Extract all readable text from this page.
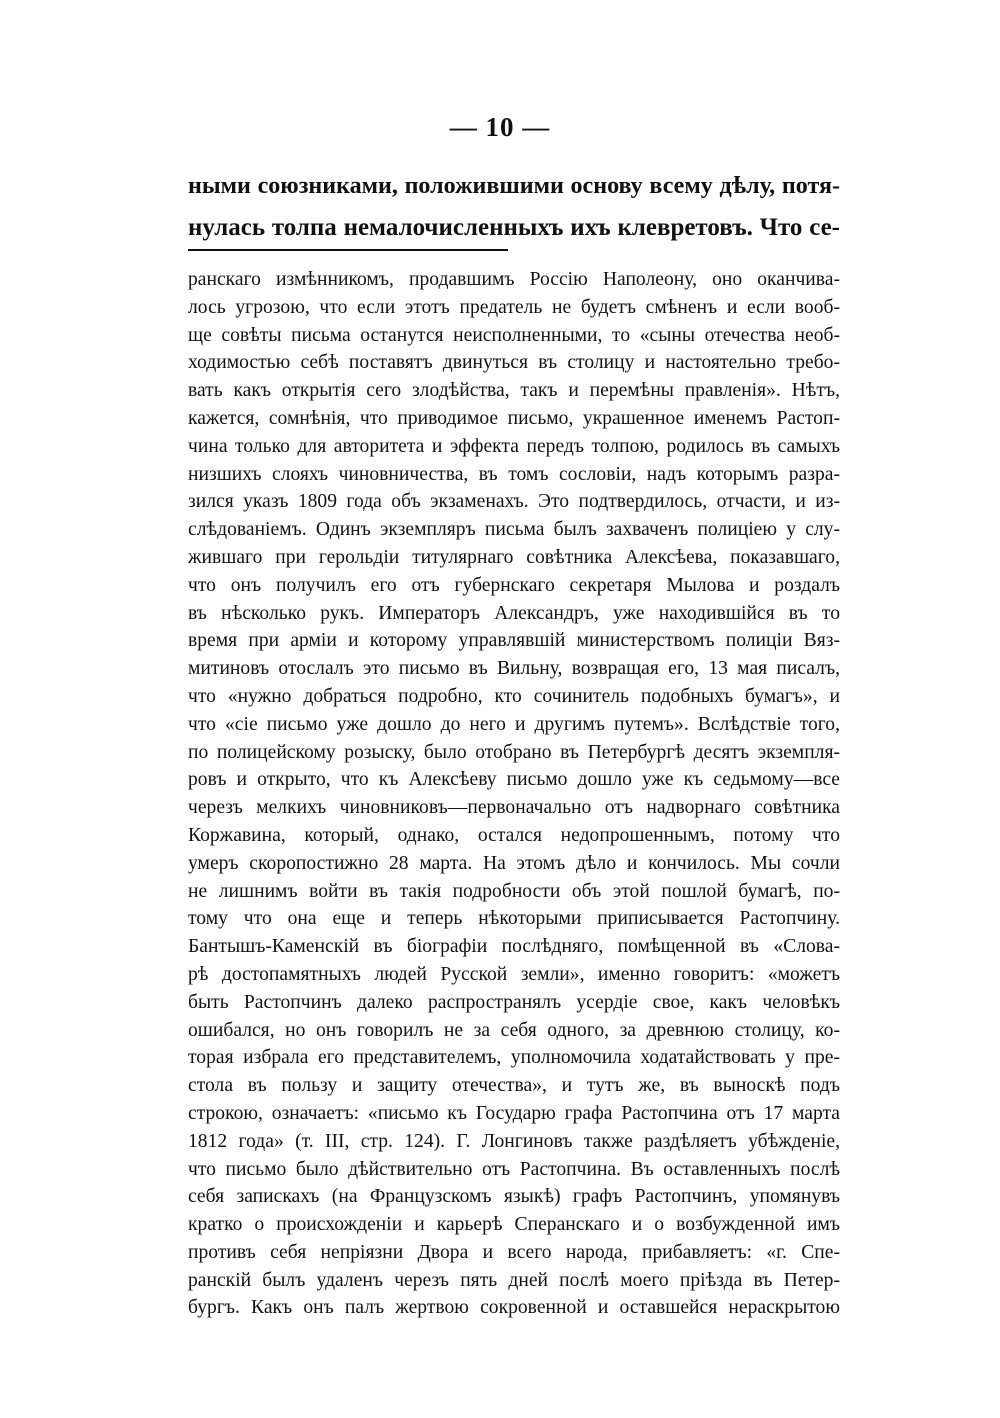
— 10 —
ными союзниками, положившими основу всему дѣлу, потя-
нулась толпа немалочисленныхъ ихъ клевретовъ. Что се-
ранскаго измѣнникомъ, продавшимъ Россію Наполеону, оно оканчива-
лось угрозою, что если этотъ предатель не будетъ смѣненъ и если вооб-
ще совѣты письма останутся неисполненными, то «сыны отечества необ-
ходимостью себѣ поставятъ двинуться въ столицу и настоятельно требо-
вать какъ открытія сего злодѣйства, такъ и перемѣны правленія». Нѣтъ,
кажется, сомнѣнія, что приводимое письмо, украшенное именемъ Растоп-
чина только для авторитета и эффекта передъ толпою, родилось въ самыхъ
низшихъ слояхъ чиновничества, въ томъ сословіи, надъ которымъ разра-
зился указъ 1809 года объ экзаменахъ. Это подтвердилось, отчасти, и из-
слѣдованіемъ. Одинъ экземпляръ письма былъ захваченъ полиціею у слу-
жившаго при герольдіи титулярнаго совѣтника Алексѣева, показавшаго,
что онъ получилъ его отъ губернскаго секретаря Мылова и роздалъ
въ нѣсколько рукъ. Императоръ Александръ, уже находившійся въ то
время при арміи и которому управлявшій министерствомъ полиціи Вяз-
митиновъ отослалъ это письмо въ Вильну, возвращая его, 13 мая писалъ,
что «нужно добраться подробно, кто сочинитель подобныхъ бумагъ», и
что «сіе письмо уже дошло до него и другимъ путемъ». Вслѣдствіе того,
по полицейскому розыску, было отобрано въ Петербургѣ десятъ экземпля-
ровъ и открыто, что къ Алексѣеву письмо дошло уже къ седьмому—все
черезъ мелкихъ чиновниковъ—первоначально отъ надворнаго совѣтника
Коржавина, который, однако, остался недопрошеннымъ, потому что
умеръ скоропостижно 28 марта. На этомъ дѣло и кончилось. Мы сочли
не лишнимъ войти въ такія подробности объ этой пошлой бумагѣ, по-
тому что она еще и теперь нѣкоторыми приписывается Растопчину.
Бантышъ-Каменскій въ біографіи послѣдняго, помѣщенной въ «Слова-
рѣ достопамятныхъ людей Русской земли», именно говоритъ: «можетъ
быть Растопчинъ далеко распространялъ усердіе свое, какъ человѣкъ
ошибался, но онъ говорилъ не за себя одного, за древнюю столицу, ко-
торая избрала его представителемъ, уполномочила ходатайствовать у пре-
стола въ пользу и защиту отечества», и тутъ же, въ выноскѣ подъ
строкою, означаетъ: «письмо къ Государю графа Растопчина отъ 17 марта
1812 года» (т. III, стр. 124). Г. Лонгиновъ также раздѣляетъ убѣжденіе,
что письмо было дѣйствительно отъ Растопчина. Въ оставленныхъ послѣ
себя запискахъ (на Французскомъ языкѣ) графъ Растопчинъ, упомянувъ
кратко о происхожденіи и карьерѣ Сперанскаго и о возбужденной имъ
противъ себя непріязни Двора и всего народа, прибавляетъ: «г. Спе-
ранскій былъ удаленъ черезъ пять дней послѣ моего пріѣзда въ Петер-
бургъ. Какъ онъ палъ жертвою сокровенной и оставшейся нераскрытою
